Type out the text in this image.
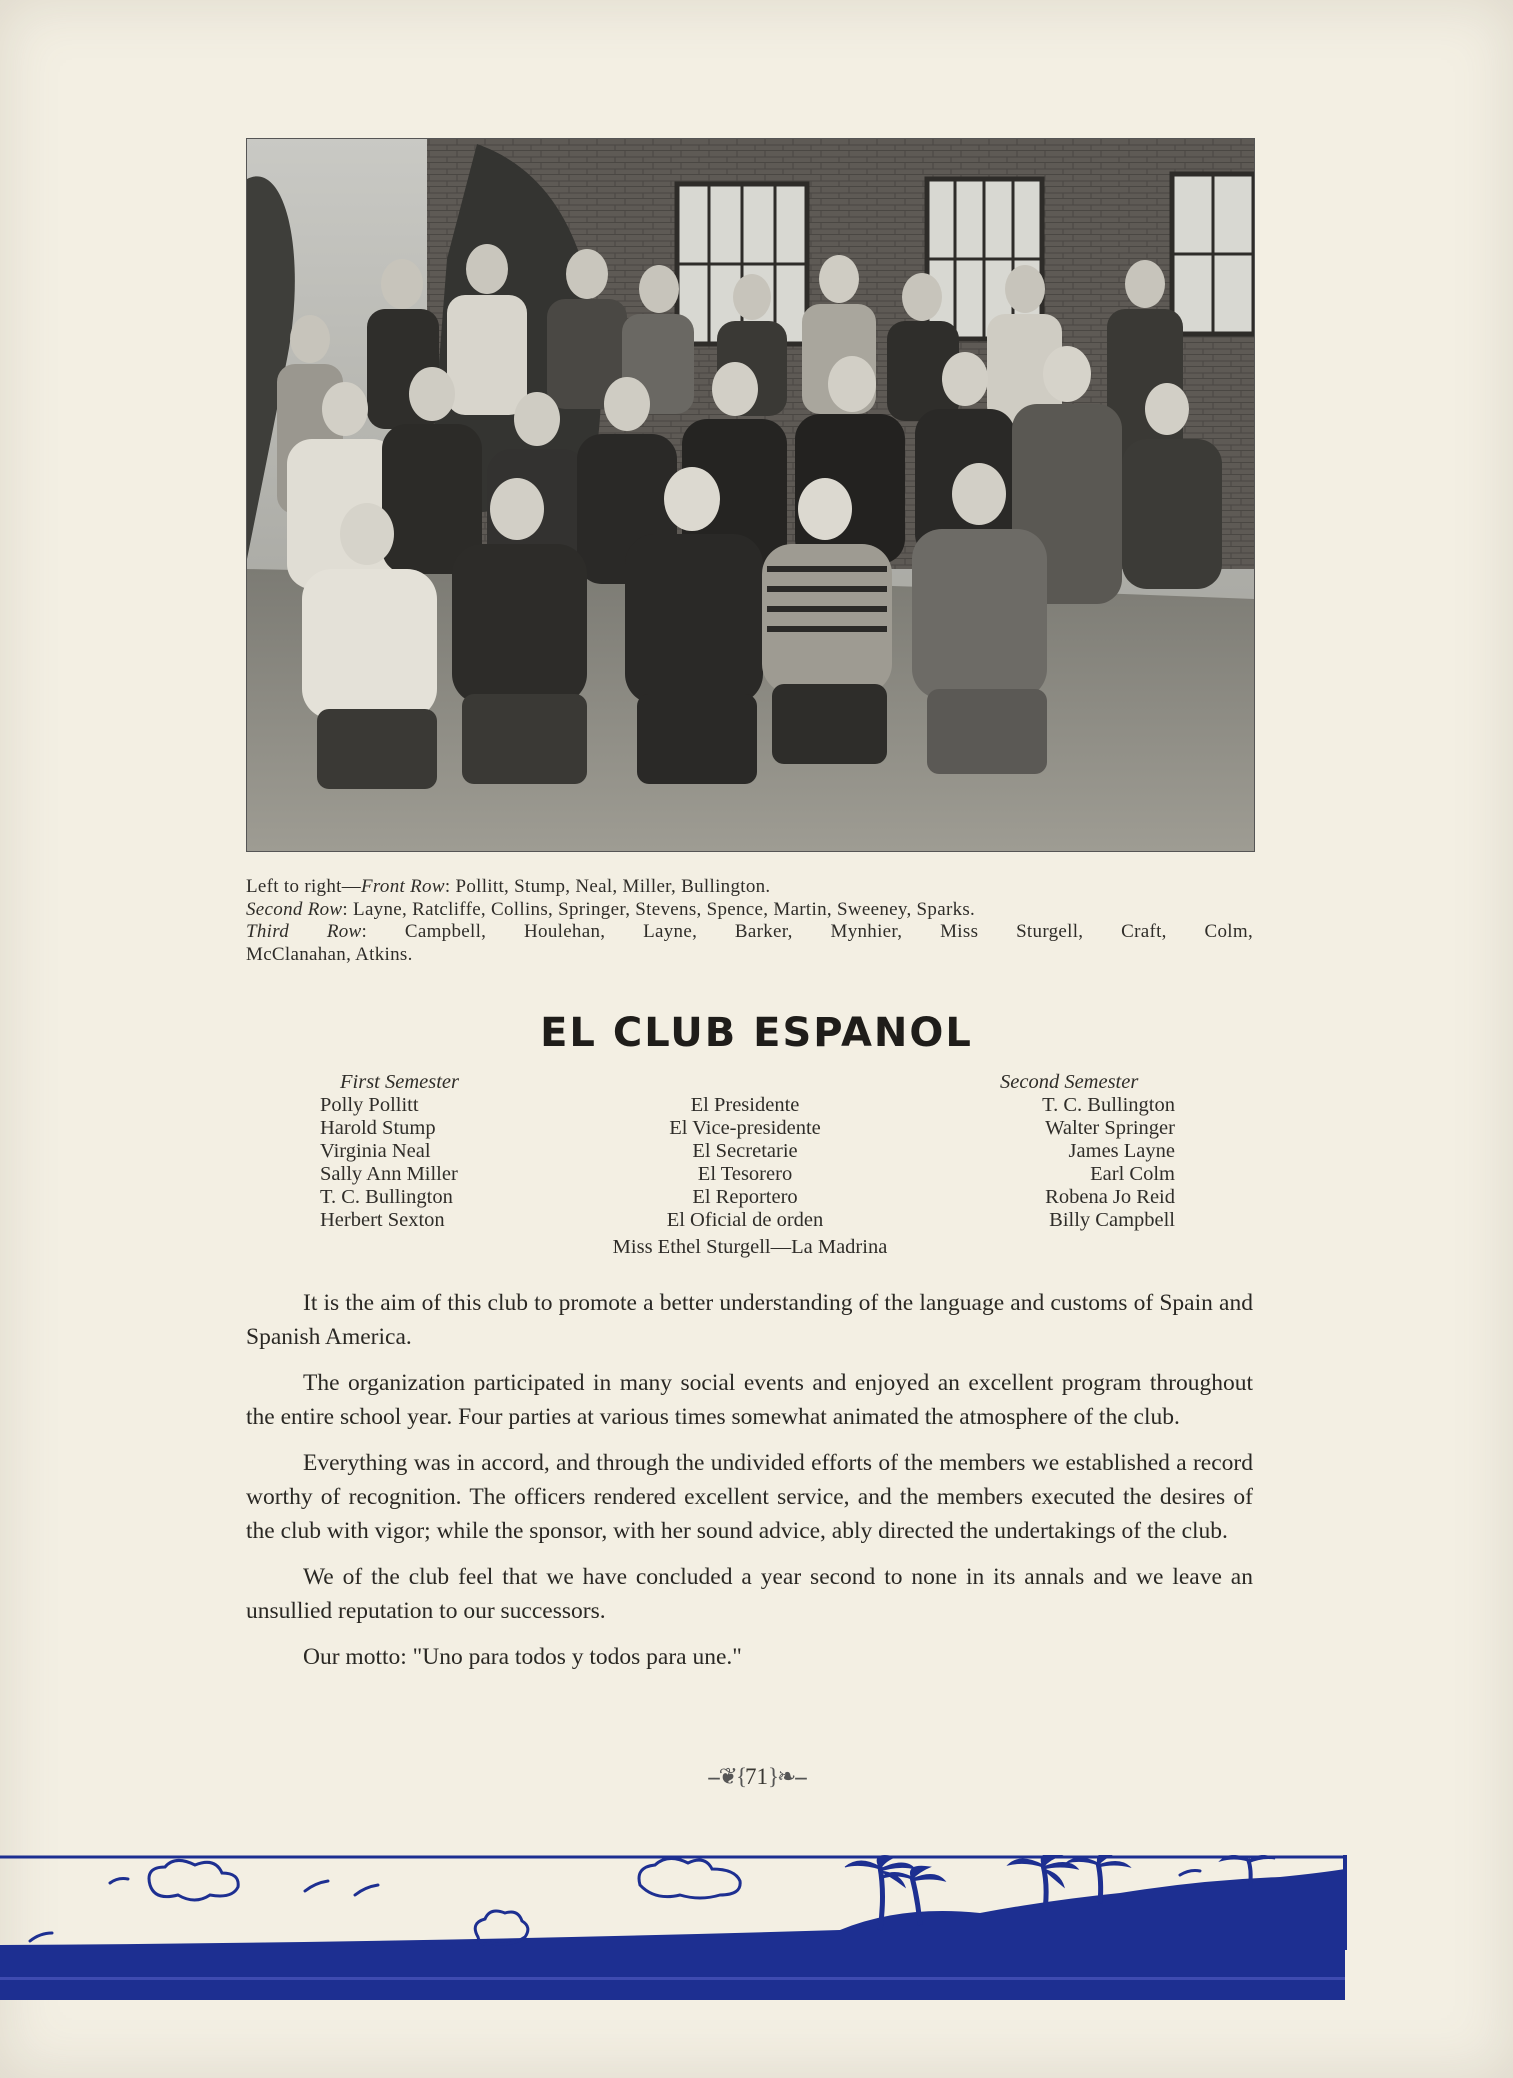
Left to right—Front Row: Pollitt, Stump, Neal, Miller, Bullington.
Second Row: Layne, Ratcliffe, Collins, Springer, Stevens, Spence, Martin, Sweeney, Sparks.
Third Row: Campbell, Houlehan, Layne, Barker, Mynhier, Miss Sturgell, Craft, Colm,
McClanahan, Atkins.
EL CLUB ESPANOL
First Semester
Polly Pollitt
Harold Stump
Virginia Neal
Sally Ann Miller
T. C. Bullington
Herbert Sexton
El Presidente
El Vice-presidente
El Secretarie
El Tesorero
El Reportero
El Oficial de orden
Second Semester
T. C. Bullington
Walter Springer
James Layne
Earl Colm
Robena Jo Reid
Billy Campbell
Miss Ethel Sturgell—La Madrina

It is the aim of this club to promote a better understanding of the language and customs of Spain and Spanish America.

The organization participated in many social events and enjoyed an excellent program throughout the entire school year. Four parties at various times somewhat animated the atmosphere of the club.

Everything was in accord, and through the undivided efforts of the members we established a record worthy of recognition. The officers rendered excellent service, and the members executed the desires of the club with vigor; while the sponsor, with her sound advice, ably directed the undertakings of the club.

We of the club feel that we have concluded a year second to none in its annals and we leave an unsullied reputation to our successors.

Our motto: "Uno para todos y todos para une."

--❦{71}❧--
